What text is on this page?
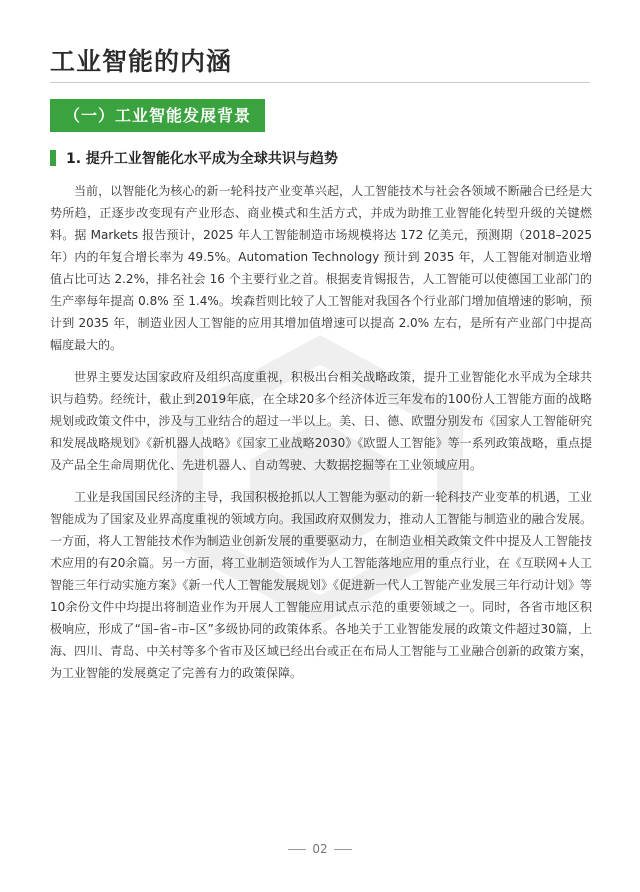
工业智能的内涵
（一）工业智能发展背景
1. 提升工业智能化水平成为全球共识与趋势

当前，以智能化为核心的新一轮科技产业变革兴起，人工智能技术与社会各领域不断融合已经是大势所趋，正逐步改变现有产业形态、商业模式和生活方式，并成为助推工业智能化转型升级的关键燃料。据 Markets 报告预计，2025 年人工智能制造市场规模将达 172 亿美元，预测期（2018–2025 年）内的年复合增长率为 49.5%。Automation Technology 预计到 2035 年，人工智能对制造业增值占比可达 2.2%，排名社会 16 个主要行业之首。根据麦肯锡报告，人工智能可以使德国工业部门的生产率每年提高 0.8% 至 1.4%。埃森哲则比较了人工智能对我国各个行业部门增加值增速的影响，预计到 2035 年，制造业因人工智能的应用其增加值增速可以提高 2.0% 左右，是所有产业部门中提高幅度最大的。

世界主要发达国家政府及组织高度重视，积极出台相关战略政策，提升工业智能化水平成为全球共识与趋势。经统计，截止到2019年底，在全球20多个经济体近三年发布的100份人工智能方面的战略规划或政策文件中，涉及与工业结合的超过一半以上。美、日、德、欧盟分别发布《国家人工智能研究和发展战略规划》《新机器人战略》《国家工业战略2030》《欧盟人工智能》等一系列政策战略，重点提及产品全生命周期优化、先进机器人、自动驾驶、大数据挖掘等在工业领域应用。

工业是我国国民经济的主导，我国积极抢抓以人工智能为驱动的新一轮科技产业变革的机遇，工业智能成为了国家及业界高度重视的领域方向。我国政府双侧发力，推动人工智能与制造业的融合发展。一方面，将人工智能技术作为制造业创新发展的重要驱动力，在制造业相关政策文件中提及人工智能技术应用的有20余篇。另一方面，将工业制造领域作为人工智能落地应用的重点行业，在《互联网+人工智能三年行动实施方案》《新一代人工智能发展规划》《促进新一代人工智能产业发展三年行动计划》等10余份文件中均提出将制造业作为开展人工智能应用试点示范的重要领域之一。同时，各省市地区积极响应，形成了“国–省–市–区”多级协同的政策体系。各地关于工业智能发展的政策文件超过30篇，上海、四川、青岛、中关村等多个省市及区域已经出台或正在布局人工智能与工业融合创新的政策方案，为工业智能的发展奠定了完善有力的政策保障。

02
